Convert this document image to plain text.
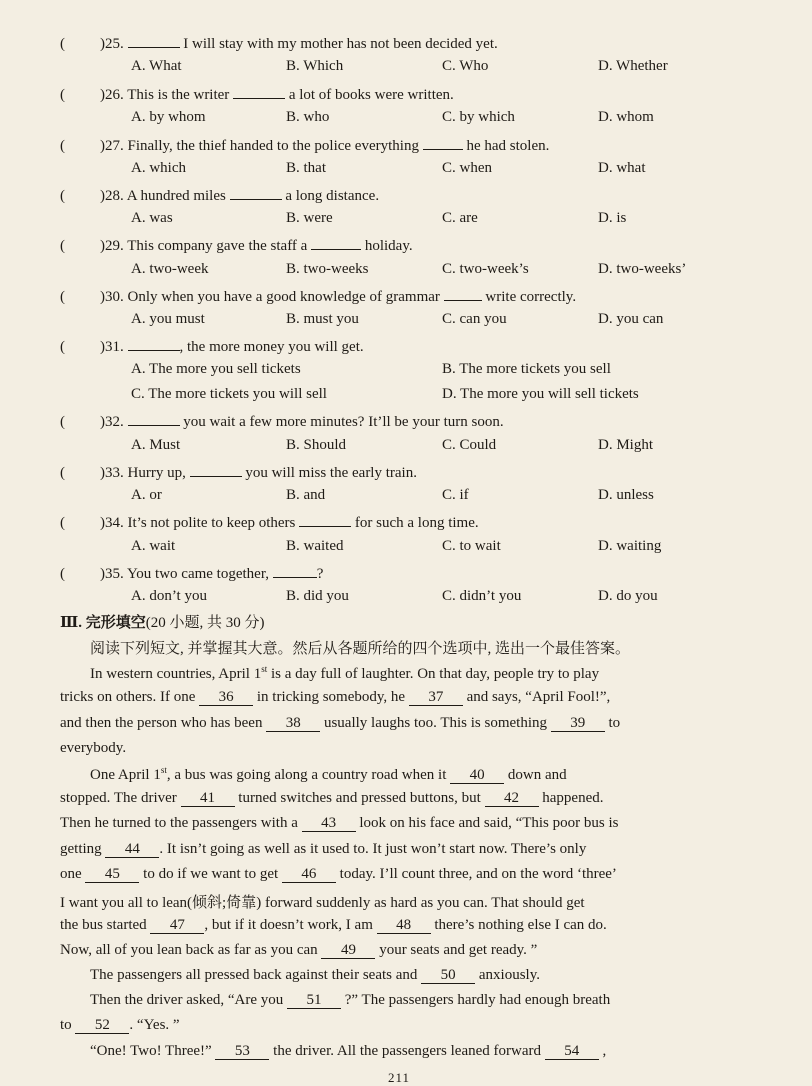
( )25.	I will stay with my mother has not been decided yet.
A. What	B. Which	C. Who	D. Whether
( )26. This is the writer	a lot of books were written.
A. by whom	B. who	C. by which	D. whom
( )27. Finally, the thief handed to the police everything	he had stolen.
A. which	B. that	C. when	D. what
( )28. A hundred miles	a long distance.
A. was	B. were	C. are	D. is
( )29. This company gave the staff a	holiday.
A. two-week	B. two-weeks	C. two-week’s	D. two-weeks’
( )30. Only when you have a good knowledge of grammar	write correctly.
A. you must	B. must you	C. can you	D. you can
( )31.	, the more money you will get.
A. The more you sell tickets	B. The more tickets you sell
C. The more tickets you will sell	D. The more you will sell tickets
( )32.	you wait a few more minutes? It’ll be your turn soon.
A. Must	B. Should	C. Could	D. Might
( )33. Hurry up,	you will miss the early train.
A. or	B. and	C. if	D. unless
( )34. It’s not polite to keep others	for such a long time.
A. wait	B. waited	C. to wait	D. waiting
( )35. You two came together,	?
A. don’t you	B. did you	C. didn’t you	D. do you
Ⅲ. 完形填空(20 小题, 共 30 分)
阅读下列短文, 并掌握其大意。然后从各题所给的四个选项中, 选出一个最佳答案。
In western countries, April 1st is a day full of laughter. On that day, people try to play
tricks on others. If one 36 in tricking somebody, he 37 and says, “April Fool!”,
and then the person who has been 38 usually laughs too. This is something 39 to
everybody.
One April 1st, a bus was going along a country road when it 40 down and
stopped. The driver 41 turned switches and pressed buttons, but 42 happened.
Then he turned to the passengers with a 43 look on his face and said, “This poor bus is
getting 44 . It isn’t going as well as it used to. It just won’t start now. There’s only
one 45 to do if we want to get 46 today. I’ll count three, and on the word ‘three’
I want you all to lean(倾斜;倚靠) forward suddenly as hard as you can. That should get
the bus started 47 , but if it doesn’t work, I am 48 there’s nothing else I can do.
Now, all of you lean back as far as you can 49 your seats and get ready. ”
The passengers all pressed back against their seats and 50 anxiously.
Then the driver asked, “Are you 51 ?” The passengers hardly had enough breath
to 52 . “Yes. ”
“One! Two! Three!” 53 the driver. All the passengers leaned forward 54 ,
211
